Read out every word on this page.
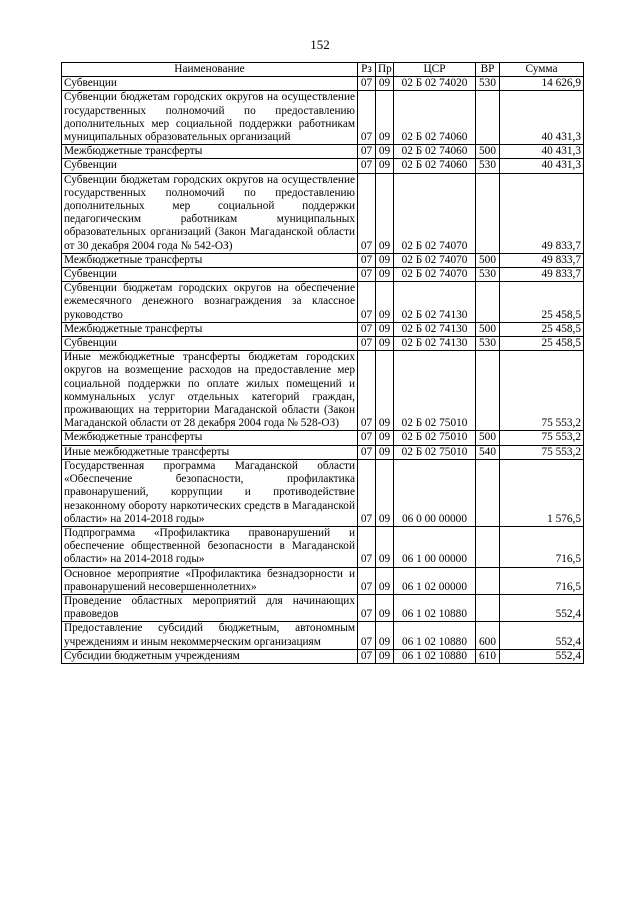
152
Наименование	Рз	Пр	ЦСР	ВР	Сумма
Субвенции	07	09	02 Б 02 74020	530	14 626,9
Субвенции бюджетам городских округов на осуществление государственных полномочий по предоставлению дополнительных мер социальной поддержки работникам муниципальных образовательных организаций	07	09	02 Б 02 74060		40 431,3
Межбюджетные трансферты	07	09	02 Б 02 74060	500	40 431,3
Субвенции	07	09	02 Б 02 74060	530	40 431,3
Субвенции бюджетам городских округов на осуществление государственных полномочий по предоставлению дополнительных мер социальной поддержки педагогическим работникам муниципальных образовательных организаций (Закон Магаданской области от 30 декабря 2004 года № 542-ОЗ)	07	09	02 Б 02 74070		49 833,7
Межбюджетные трансферты	07	09	02 Б 02 74070	500	49 833,7
Субвенции	07	09	02 Б 02 74070	530	49 833,7
Субвенции бюджетам городских округов на обеспечение ежемесячного денежного вознаграждения за классное руководство	07	09	02 Б 02 74130		25 458,5
Межбюджетные трансферты	07	09	02 Б 02 74130	500	25 458,5
Субвенции	07	09	02 Б 02 74130	530	25 458,5
Иные межбюджетные трансферты бюджетам городских округов на возмещение расходов на предоставление мер социальной поддержки по оплате жилых помещений и коммунальных услуг отдельных категорий граждан, проживающих на территории Магаданской области (Закон Магаданской области от 28 декабря 2004 года № 528-ОЗ)	07	09	02 Б 02 75010		75 553,2
Межбюджетные трансферты	07	09	02 Б 02 75010	500	75 553,2
Иные межбюджетные трансферты	07	09	02 Б 02 75010	540	75 553,2
Государственная программа Магаданской области «Обеспечение безопасности, профилактика правонарушений, коррупции и противодействие незаконному обороту наркотических средств в Магаданской области» на 2014-2018 годы»	07	09	06 0 00 00000		1 576,5
Подпрограмма «Профилактика правонарушений и обеспечение общественной безопасности в Магаданской области» на 2014-2018 годы»	07	09	06 1 00 00000		716,5
Основное мероприятие «Профилактика безнадзорности и правонарушений несовершеннолетних»	07	09	06 1 02 00000		716,5
Проведение областных мероприятий для начинающих правоведов	07	09	06 1 02 10880		552,4
Предоставление субсидий бюджетным, автономным учреждениям и иным некоммерческим организациям	07	09	06 1 02 10880	600	552,4
Субсидии бюджетным учреждениям	07	09	06 1 02 10880	610	552,4
